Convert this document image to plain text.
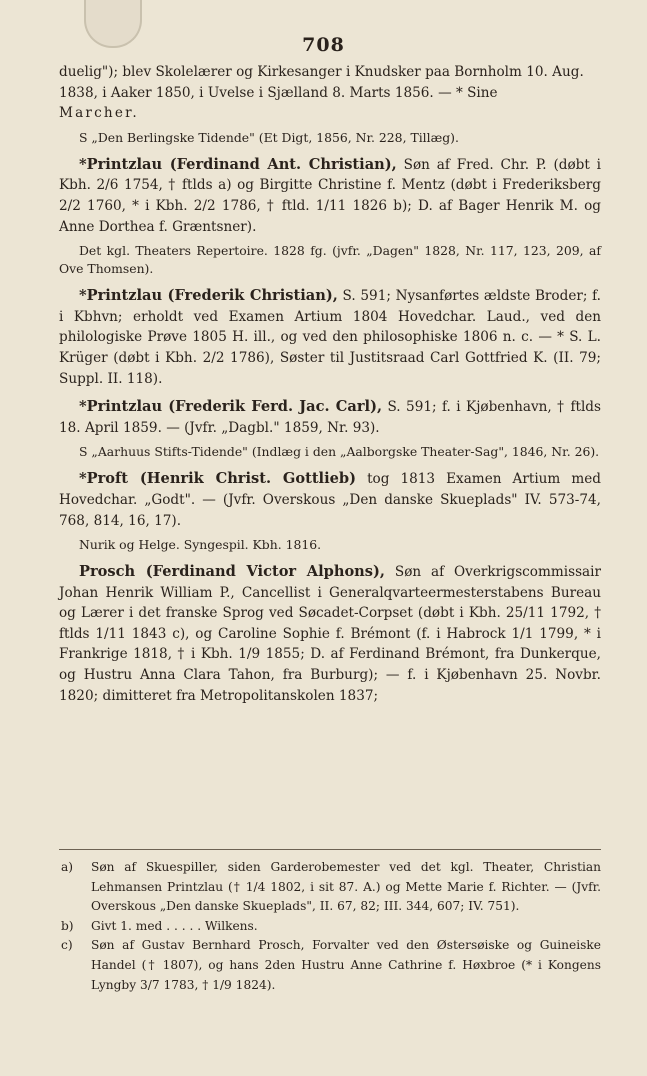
708

duelig"); blev Skolelærer og Kirkesanger i Knudsker paa Bornholm 10. Aug.

1838, i Aaker 1850, i Uvelse i Sjælland 8. Marts 1856. — * Sine

Marcher.

S „Den Berlingske Tidende" (Et Digt, 1856, Nr. 228, Tillæg).

*Printzlau (Ferdinand Ant. Christian), Søn af Fred. Chr. P. (døbt i Kbh. 2/6 1754, † ftlds a) og Birgitte Christine f. Mentz (døbt i Frederiksberg 2/2 1760, * i Kbh. 2/2 1786, † ftld. 1/11 1826 b); D. af Bager Henrik M. og Anne Dorthea f. Græntsner).

Det kgl. Theaters Repertoire. 1828 fg. (jvfr. „Dagen" 1828, Nr. 117, 123, 209, af Ove Thomsen).

*Printzlau (Frederik Christian), S. 591; Nysanførtes ældste Broder; f. i Kbhvn; erholdt ved Examen Artium 1804 Hovedchar. Laud., ved den philologiske Prøve 1805 H. ill., og ved den philosophiske 1806 n. c. — * S. L. Krüger (døbt i Kbh. 2/2 1786), Søster til Justitsraad Carl Gottfried K. (II. 79; Suppl. II. 118).

*Printzlau (Frederik Ferd. Jac. Carl), S. 591; f. i Kjøbenhavn, † ftlds 18. April 1859. — (Jvfr. „Dagbl." 1859, Nr. 93).

S „Aarhuus Stifts-Tidende" (Indlæg i den „Aalborgske Theater-Sag", 1846, Nr. 26).

*Proft (Henrik Christ. Gottlieb) tog 1813 Examen Artium med Hovedchar. „Godt". — (Jvfr. Overskous „Den danske Skueplads" IV. 573-74, 768, 814, 16, 17).

Nurik og Helge. Syngespil. Kbh. 1816.

Prosch (Ferdinand Victor Alphons), Søn af Overkrigscommissair Johan Henrik William P., Cancellist i Generalqvarteermesterstabens Bureau og Lærer i det franske Sprog ved Søcadet-Corpset (døbt i Kbh. 25/11 1792, † ftlds 1/11 1843 c), og Caroline Sophie f. Brémont (f. i Habrock 1/1 1799, * i Frankrige 1818, † i Kbh. 1/9 1855; D. af Ferdinand Brémont, fra Dunkerque, og Hustru Anna Clara Tahon, fra Burburg); — f. i Kjøbenhavn 25. Novbr. 1820; dimitteret fra Metropolitanskolen 1837;

a) Søn af Skuespiller, siden Garderobemester ved det kgl. Theater, Christian Lehmansen Printzlau († 1/4 1802, i sit 87. A.) og Mette Marie f. Richter. — (Jvfr. Overskous „Den danske Skueplads", II. 67, 82; III. 344, 607; IV. 751).

b) Givt 1. med . . . . . Wilkens.

c) Søn af Gustav Bernhard Prosch, Forvalter ved den Østersøiske og Guineiske Handel († 1807), og hans 2den Hustru Anne Cathrine f. Høxbroe (* i Kongens Lyngby 3/7 1783, † 1/9 1824).
